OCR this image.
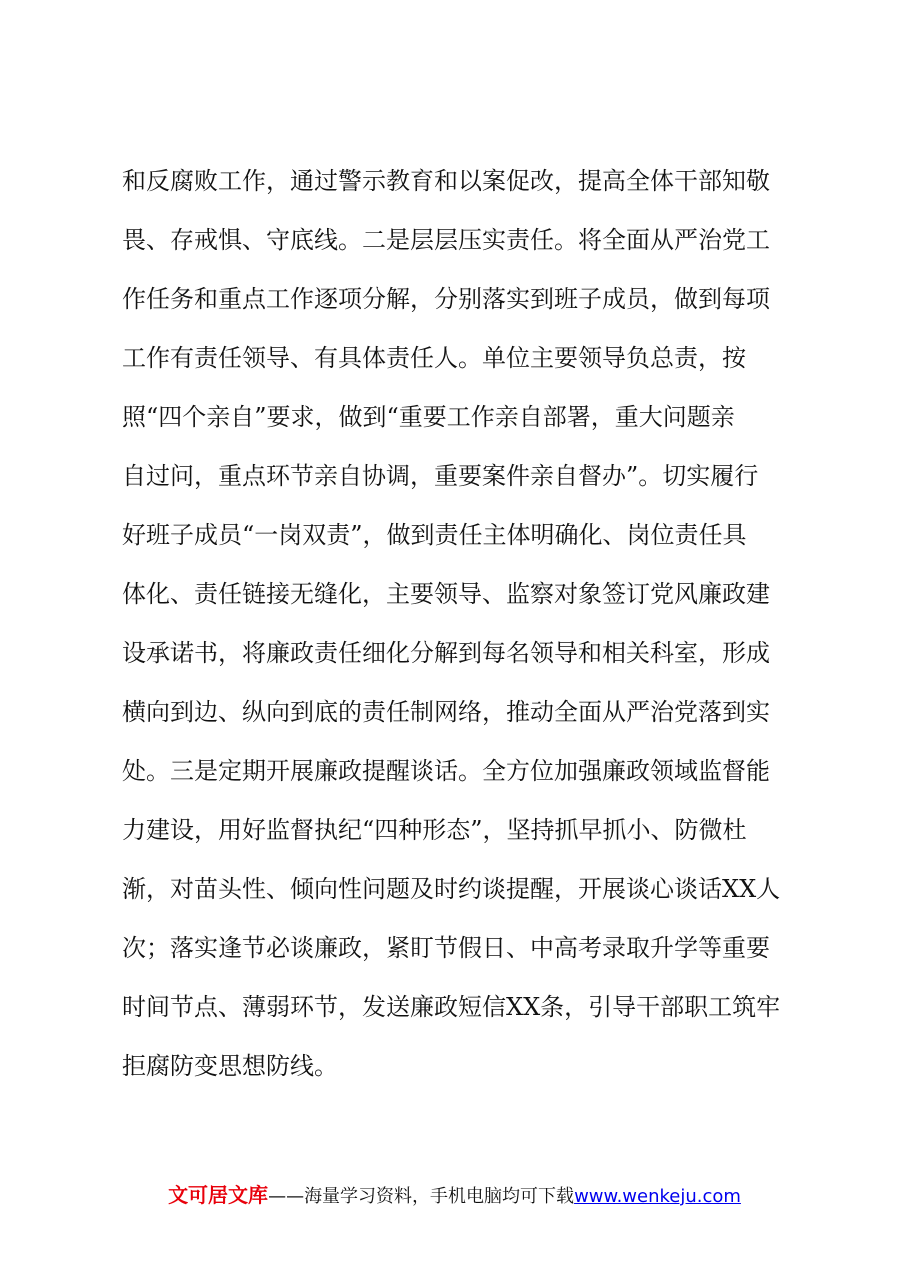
和反腐败工作，通过警示教育和以案促改，提高全体干部知敬
畏、存戒惧、守底线。二是层层压实责任。将全面从严治党工
作任务和重点工作逐项分解，分别落实到班子成员，做到每项
工作有责任领导、有具体责任人。单位主要领导负总责，按
照“四个亲自”要求，做到“重要工作亲自部署，重大问题亲
自过问，重点环节亲自协调，重要案件亲自督办”。切实履行
好班子成员“一岗双责”，做到责任主体明确化、岗位责任具
体化、责任链接无缝化，主要领导、监察对象签订党风廉政建
设承诺书，将廉政责任细化分解到每名领导和相关科室，形成
横向到边、纵向到底的责任制网络，推动全面从严治党落到实
处。三是定期开展廉政提醒谈话。全方位加强廉政领域监督能
力建设，用好监督执纪“四种形态”，坚持抓早抓小、防微杜
渐，对苗头性、倾向性问题及时约谈提醒，开展谈心谈话XX人
次；落实逢节必谈廉政，紧盯节假日、中高考录取升学等重要
时间节点、薄弱环节，发送廉政短信XX条，引导干部职工筑牢
拒腐防变思想防线。
文可居文库——海量学习资料，手机电脑均可下载www.wenkeju.com
